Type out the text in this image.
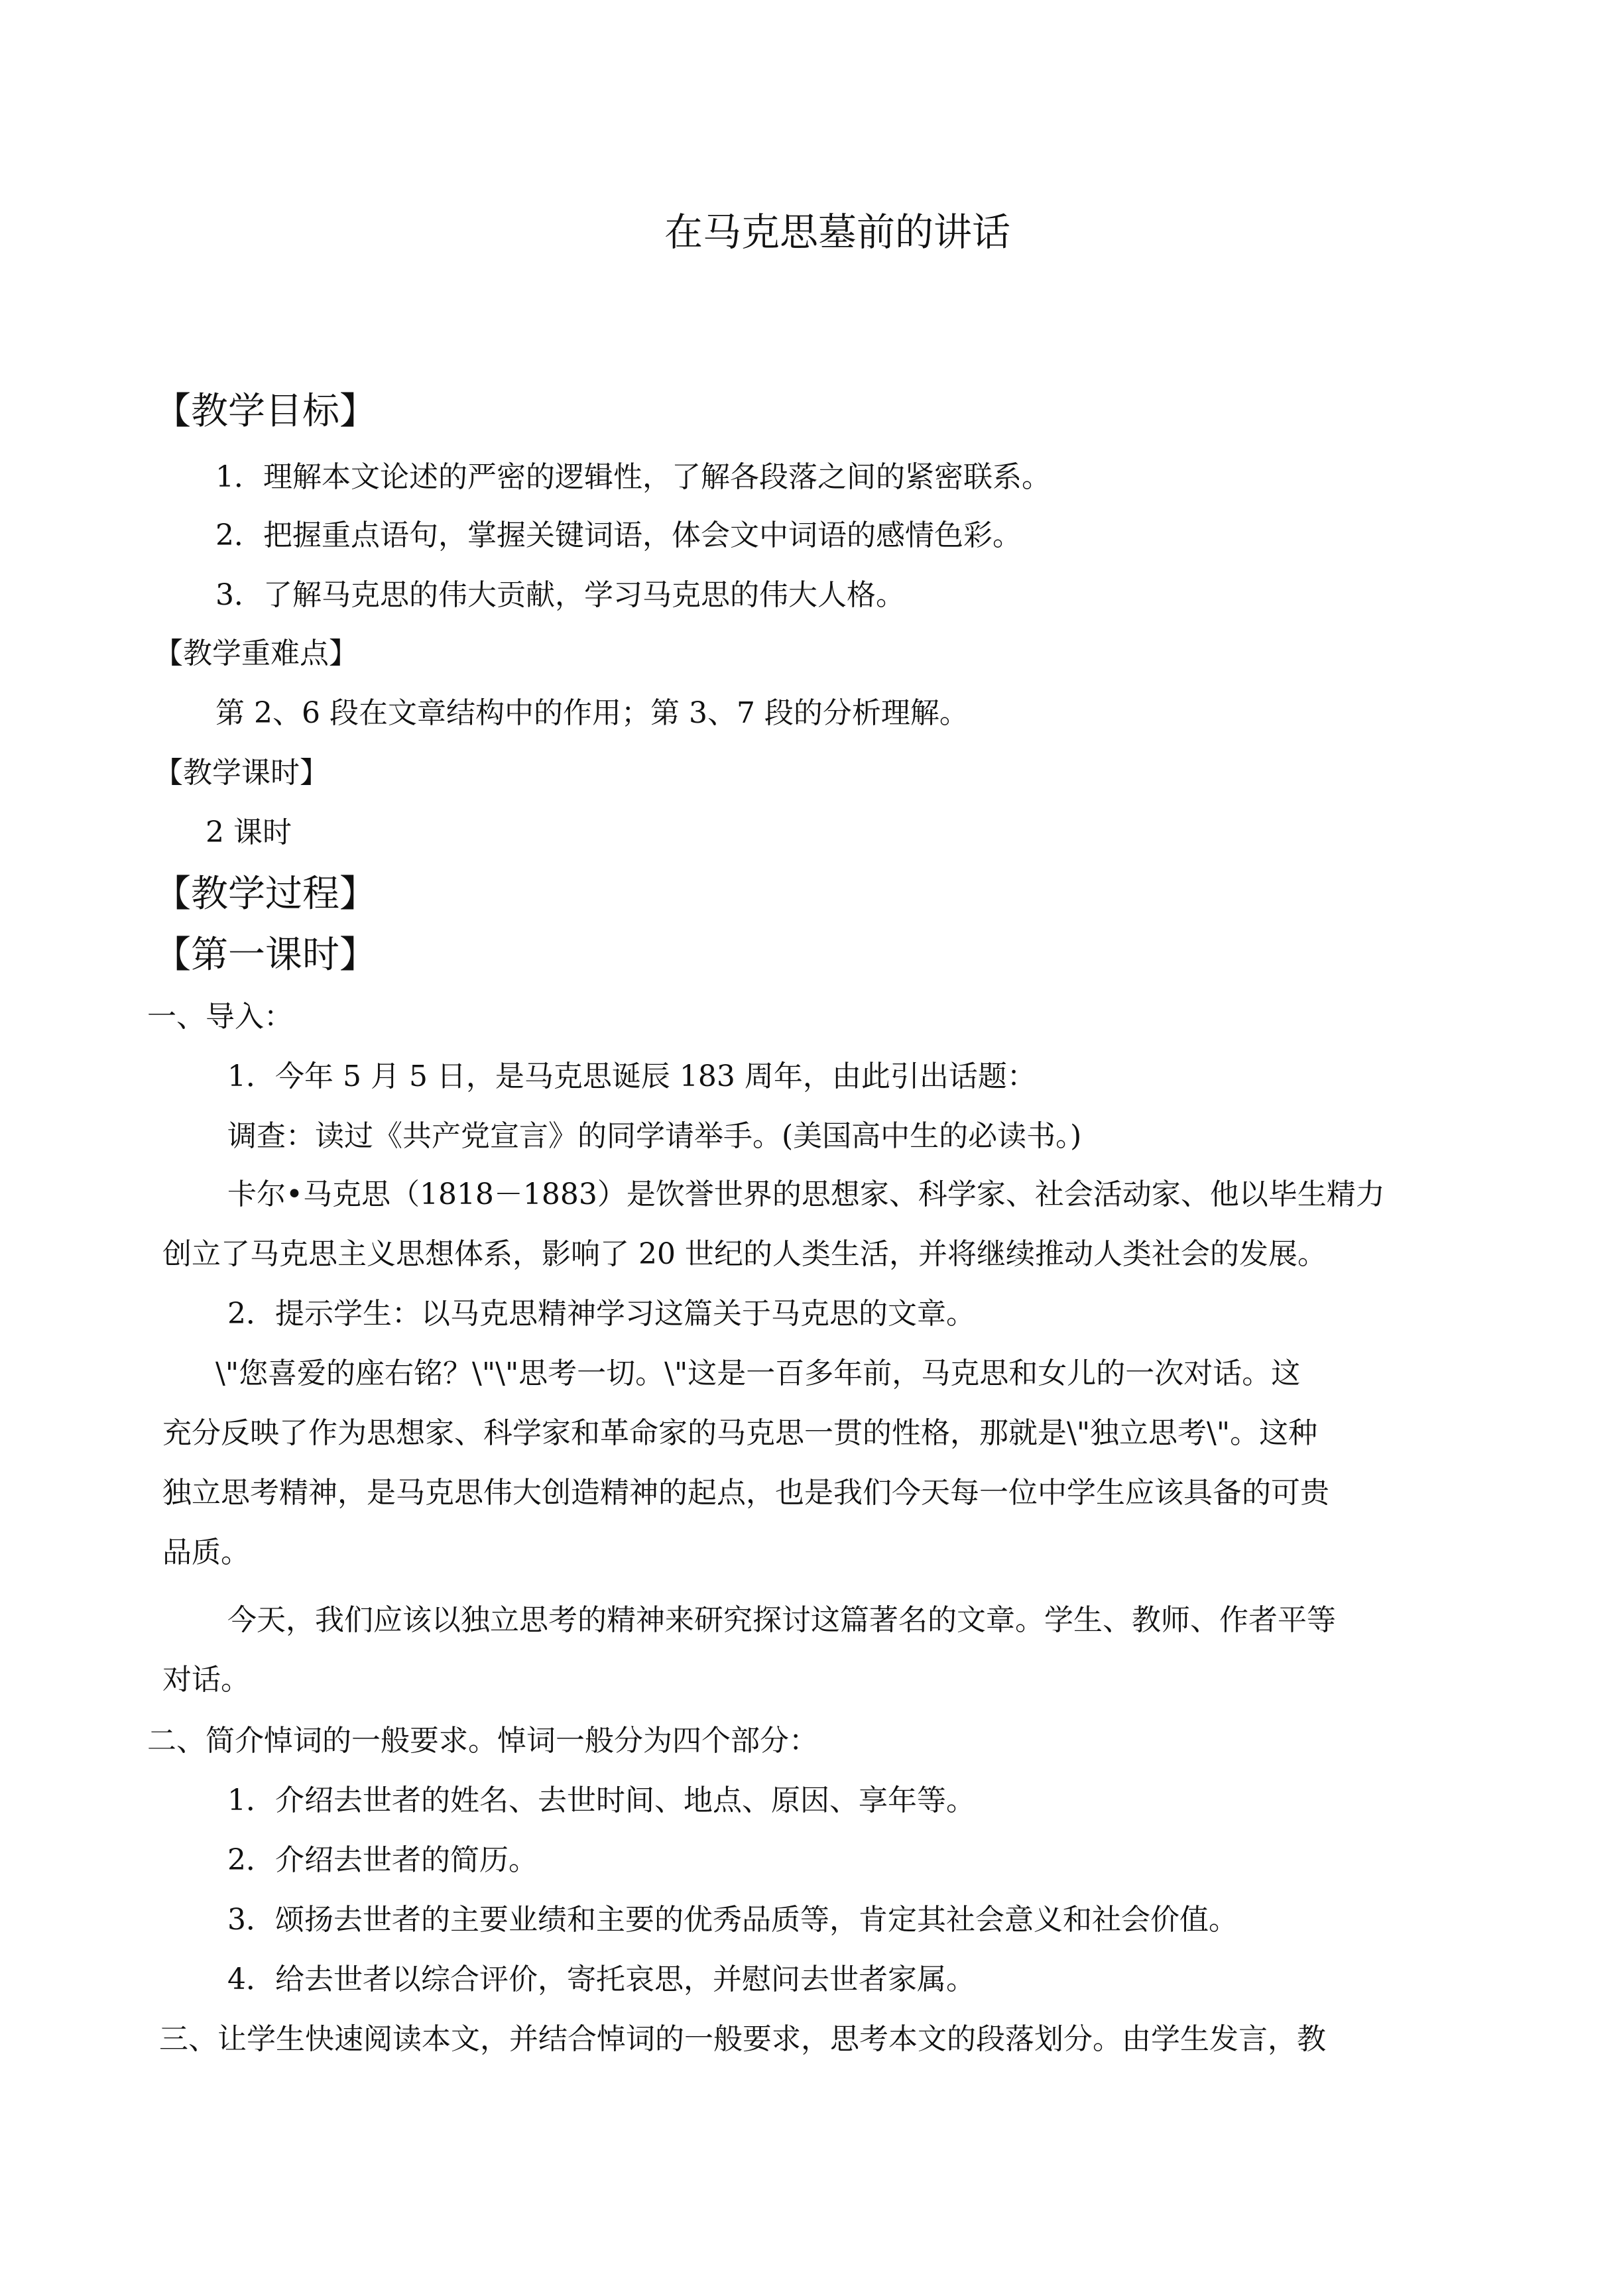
在马克思墓前的讲话
【教学目标】
1．理解本文论述的严密的逻辑性，了解各段落之间的紧密联系。
2．把握重点语句，掌握关键词语，体会文中词语的感情色彩。
3．了解马克思的伟大贡献，学习马克思的伟大人格。
【教学重难点】
第 2、6 段在文章结构中的作用；第 3、7 段的分析理解。
【教学课时】
2 课时
【教学过程】
【第一课时】
一、导入：
1．今年 5 月 5 日，是马克思诞辰 183 周年，由此引出话题：
调查：读过《共产党宣言》的同学请举手。(美国高中生的必读书。)
卡尔•马克思（1818－1883）是饮誉世界的思想家、科学家、社会活动家、他以毕生精力
创立了马克思主义思想体系，影响了 20 世纪的人类生活，并将继续推动人类社会的发展。
2．提示学生：以马克思精神学习这篇关于马克思的文章。
\"您喜爱的座右铭？\"\"思考一切。\"这是一百多年前，马克思和女儿的一次对话。这
充分反映了作为思想家、科学家和革命家的马克思一贯的性格，那就是\"独立思考\"。这种
独立思考精神，是马克思伟大创造精神的起点，也是我们今天每一位中学生应该具备的可贵
品质。
今天，我们应该以独立思考的精神来研究探讨这篇著名的文章。学生、教师、作者平等
对话。
二、简介悼词的一般要求。悼词一般分为四个部分：
1．介绍去世者的姓名、去世时间、地点、原因、享年等。
2．介绍去世者的简历。
3．颂扬去世者的主要业绩和主要的优秀品质等，肯定其社会意义和社会价值。
4．给去世者以综合评价，寄托哀思，并慰问去世者家属。
三、让学生快速阅读本文，并结合悼词的一般要求，思考本文的段落划分。由学生发言，教
